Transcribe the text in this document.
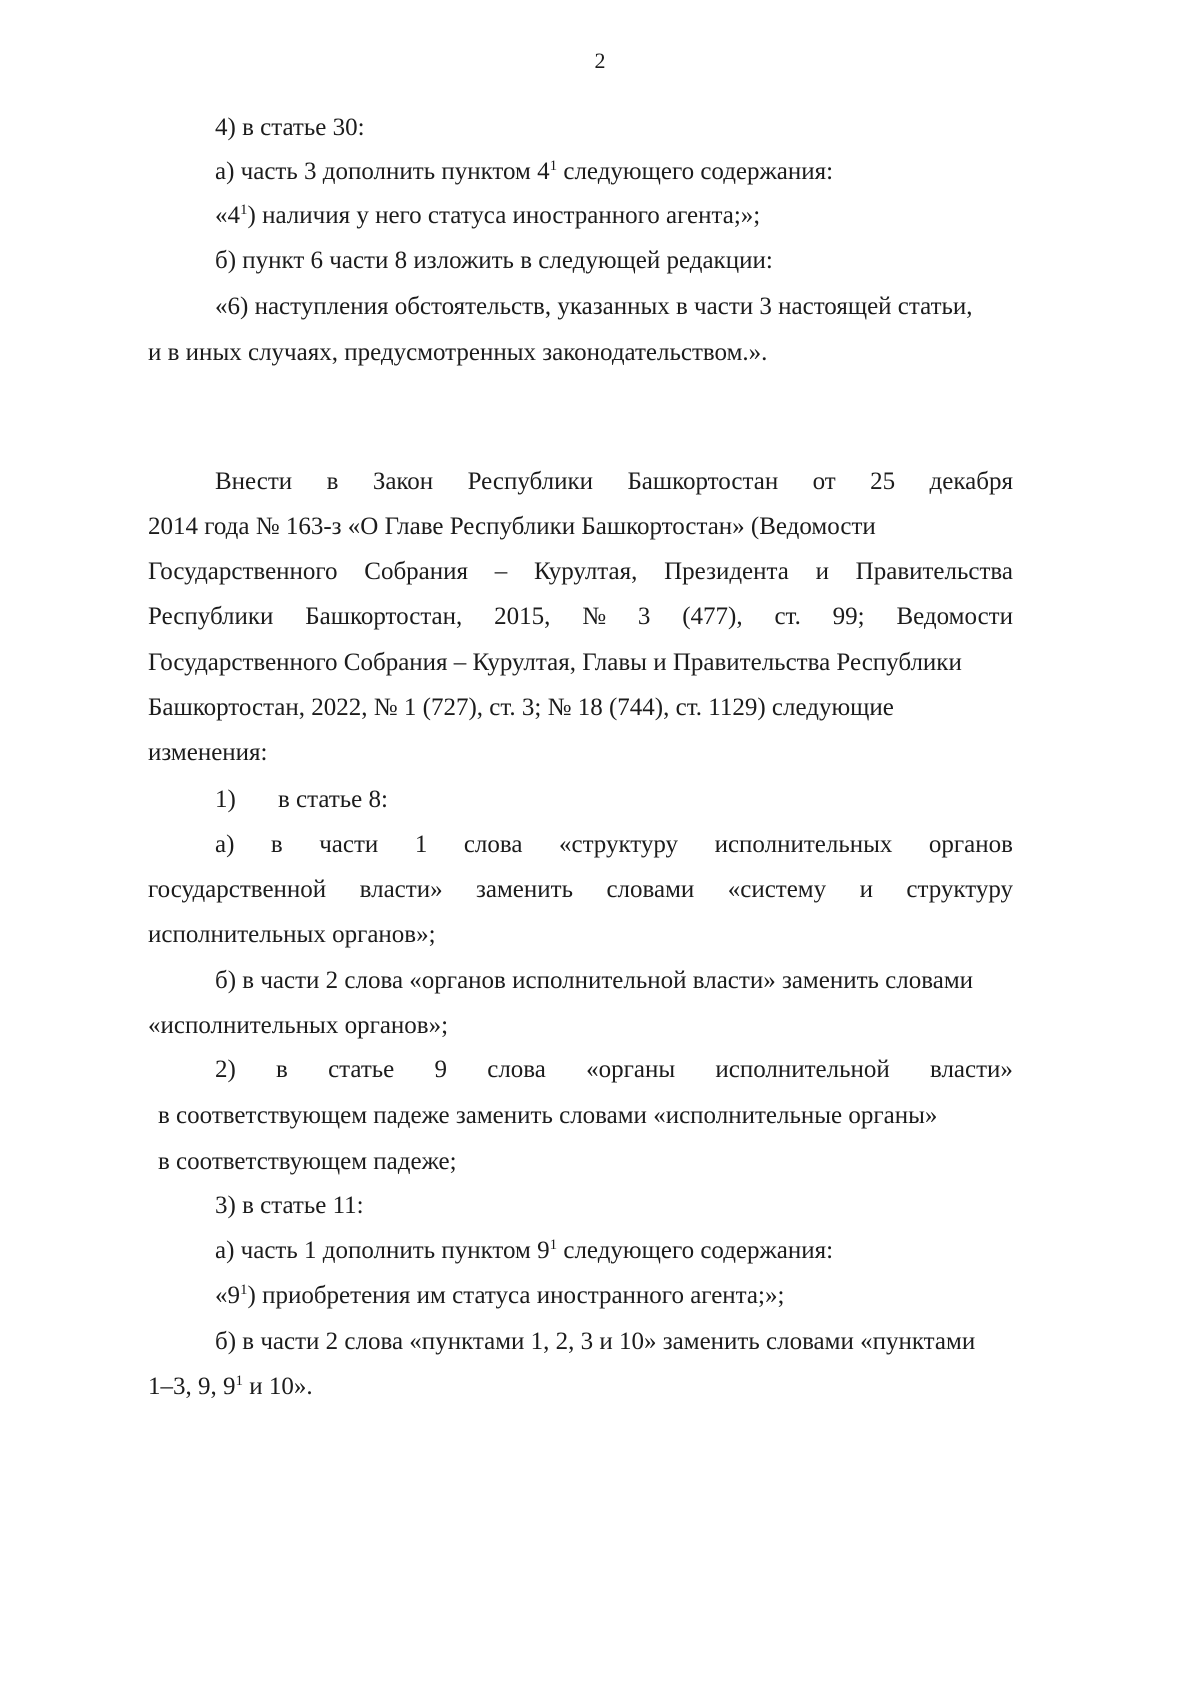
2

4) в статье 30:

а) часть 3 дополнить пунктом $4^1$ следующего содержания:

«$4^1$) наличия у него статуса иностранного агента;»;

б) пункт 6 части 8 изложить в следующей редакции:

«6) наступления обстоятельств, указанных в части 3 настоящей статьи,

и в иных случаях, предусмотренных законодательством.».

Внести в Закон Республики Башкортостан от 25 декабря

2014 года № 163-з «О Главе Республики Башкортостан» (Ведомости

Государственного Собрания – Курултая, Президента и Правительства
Республики Башкортостан, 2015, № 3 (477), ст. 99; Ведомости

Государственного Собрания – Курултая, Главы и Правительства Республики

Башкортостан, 2022, № 1 (727), ст. 3; № 18 (744), ст. 1129) следующие

изменения:

1) в статье 8:

а) в части 1 слова «структуру исполнительных органов
государственной власти» заменить словами «систему и структуру

исполнительных органов»;

б) в части 2 слова «органов исполнительной власти» заменить словами

«исполнительных органов»;

2) в статье 9 слова «органы исполнительной власти»

в соответствующем падеже заменить словами «исполнительные органы»

в соответствующем падеже;

3) в статье 11:

а) часть 1 дополнить пунктом $9^1$ следующего содержания:

«$9^1$) приобретения им статуса иностранного агента;»;

б) в части 2 слова «пунктами 1, 2, 3 и 10» заменить словами «пунктами

1–3, 9, $9^1$ и 10».
